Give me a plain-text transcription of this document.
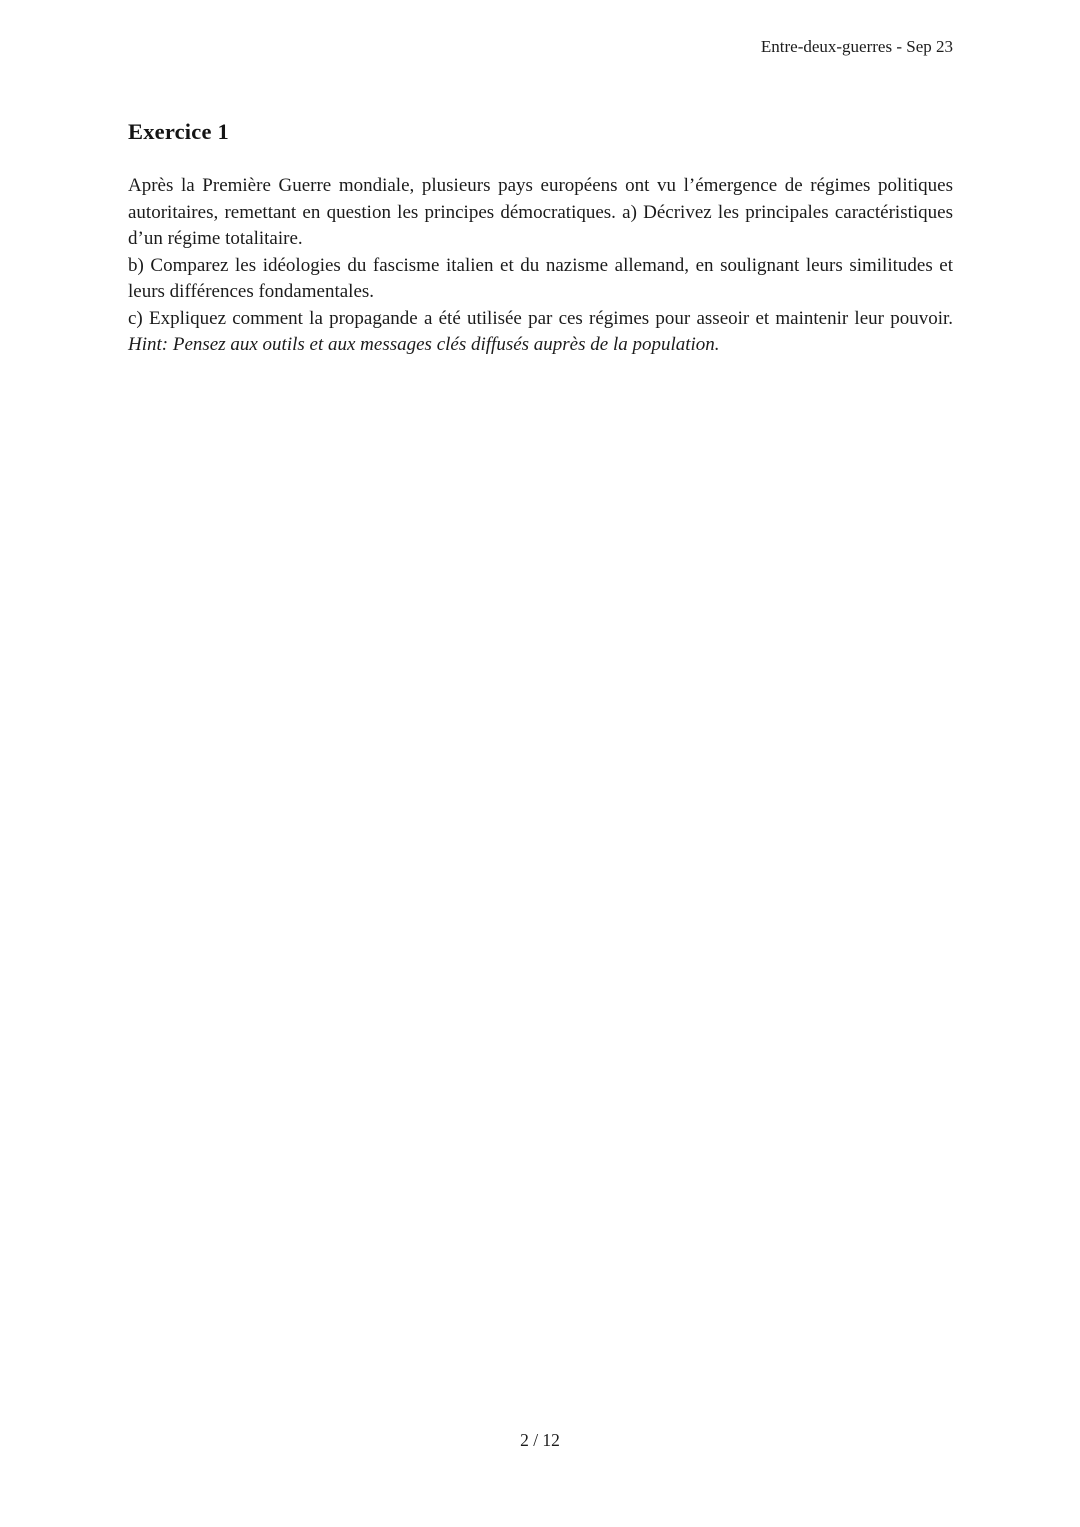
Entre-deux-guerres - Sep 23
Exercice 1

Après la Première Guerre mondiale, plusieurs pays européens ont vu l’émergence de régimes politiques autoritaires, remettant en question les principes démocratiques. a) Décrivez les principales caractéristiques d’un régime totalitaire.

b) Comparez les idéologies du fascisme italien et du nazisme allemand, en soulignant leurs similitudes et leurs différences fondamentales.

c) Expliquez comment la propagande a été utilisée par ces régimes pour asseoir et maintenir leur pouvoir. Hint: Pensez aux outils et aux messages clés diffusés auprès de la population.

2 / 12
